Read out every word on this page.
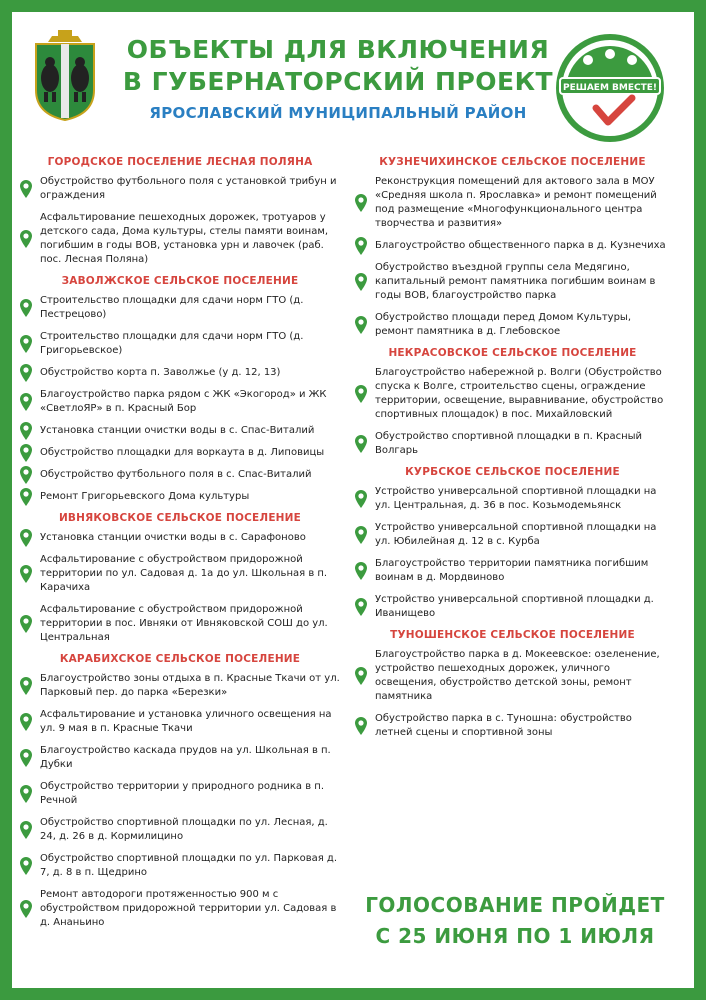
ОБЪЕКТЫ ДЛЯ ВКЛЮЧЕНИЯ
В ГУБЕРНАТОРСКИЙ ПРОЕКТ
ЯРОСЛАВСКИЙ МУНИЦИПАЛЬНЫЙ РАЙОН
РЕШАЕМ ВМЕСТЕ!
ГОРОДСКОЕ ПОСЕЛЕНИЕ ЛЕСНАЯ ПОЛЯНА
Обустройство футбольного поля с установкой трибун и ограждения
Асфальтирование пешеходных дорожек, тротуаров у детского сада, Дома культуры, стелы памяти воинам, погибшим в годы ВОВ, установка урн и лавочек (раб. пос. Лесная Поляна)
ЗАВОЛЖСКОЕ СЕЛЬСКОЕ ПОСЕЛЕНИЕ
Строительство площадки для сдачи норм ГТО (д. Пестрецово)
Строительство площадки для сдачи норм ГТО (д. Григорьевское)
Обустройство корта п. Заволжье (у д. 12, 13)
Благоустройство парка рядом с ЖК «Экогород» и ЖК «СветлоЯР» в п. Красный Бор
Установка станции очистки воды в с. Спас-Виталий
Обустройство площадки для воркаута в д. Липовицы
Обустройство футбольного поля в с. Спас-Виталий
Ремонт Григорьевского Дома культуры
ИВНЯКОВСКОЕ СЕЛЬСКОЕ ПОСЕЛЕНИЕ
Установка станции очистки воды в с. Сарафоново
Асфальтирование с обустройством придорожной территории по ул. Садовая д. 1а до ул. Школьная в п. Карачиха
Асфальтирование с обустройством придорожной территории в пос. Ивняки от Ивняковской СОШ до ул. Центральная
КАРАБИХСКОЕ СЕЛЬСКОЕ ПОСЕЛЕНИЕ
Благоустройство зоны отдыха в п. Красные Ткачи от ул. Парковый пер. до парка «Березки»
Асфальтирование и установка уличного освещения на ул. 9 мая в п. Красные Ткачи
Благоустройство каскада прудов на ул. Школьная в п. Дубки
Обустройство территории у природного родника в п. Речной
Обустройство спортивной площадки по ул. Лесная, д. 24, д. 26 в д. Кормилицино
Обустройство спортивной площадки по ул. Парковая д. 7, д. 8 в п. Щедрино
Ремонт автодороги протяженностью 900 м с обустройством придорожной территории ул. Садовая в д. Ананьино
КУЗНЕЧИХИНСКОЕ СЕЛЬСКОЕ ПОСЕЛЕНИЕ
Реконструкция помещений для актового зала в МОУ «Средняя школа п. Ярославка» и ремонт помещений под размещение «Многофункционального центра творчества и развития»
Благоустройство общественного парка в д. Кузнечиха
Обустройство въездной группы села Медягино, капитальный ремонт памятника погибшим воинам в годы ВОВ, благоустройство парка
Обустройство площади перед Домом Культуры, ремонт памятника в д. Глебовское
НЕКРАСОВСКОЕ СЕЛЬСКОЕ ПОСЕЛЕНИЕ
Благоустройство набережной р. Волги (Обустройство спуска к Волге, строительство сцены, ограждение территории, освещение, выравнивание, обустройство спортивных площадок) в пос. Михайловский
Обустройство спортивной площадки в п. Красный Волгарь
КУРБСКОЕ СЕЛЬСКОЕ ПОСЕЛЕНИЕ
Устройство универсальной спортивной площадки на ул. Центральная, д. 36 в пос. Козьмодемьянск
Устройство универсальной спортивной площадки на ул. Юбилейная д. 12 в с. Курба
Благоустройство территории памятника погибшим воинам в д. Мордвиново
Устройство универсальной спортивной площадки д. Иванищево
ТУНОШЕНСКОЕ СЕЛЬСКОЕ ПОСЕЛЕНИЕ
Благоустройство парка в д. Мокеевское: озеленение, устройство пешеходных дорожек, уличного освещения, обустройство детской зоны, ремонт памятника
Обустройство парка в с. Туношна: обустройство летней сцены и спортивной зоны
ГОЛОСОВАНИЕ ПРОЙДЕТ
С 25 ИЮНЯ ПО 1 ИЮЛЯ
